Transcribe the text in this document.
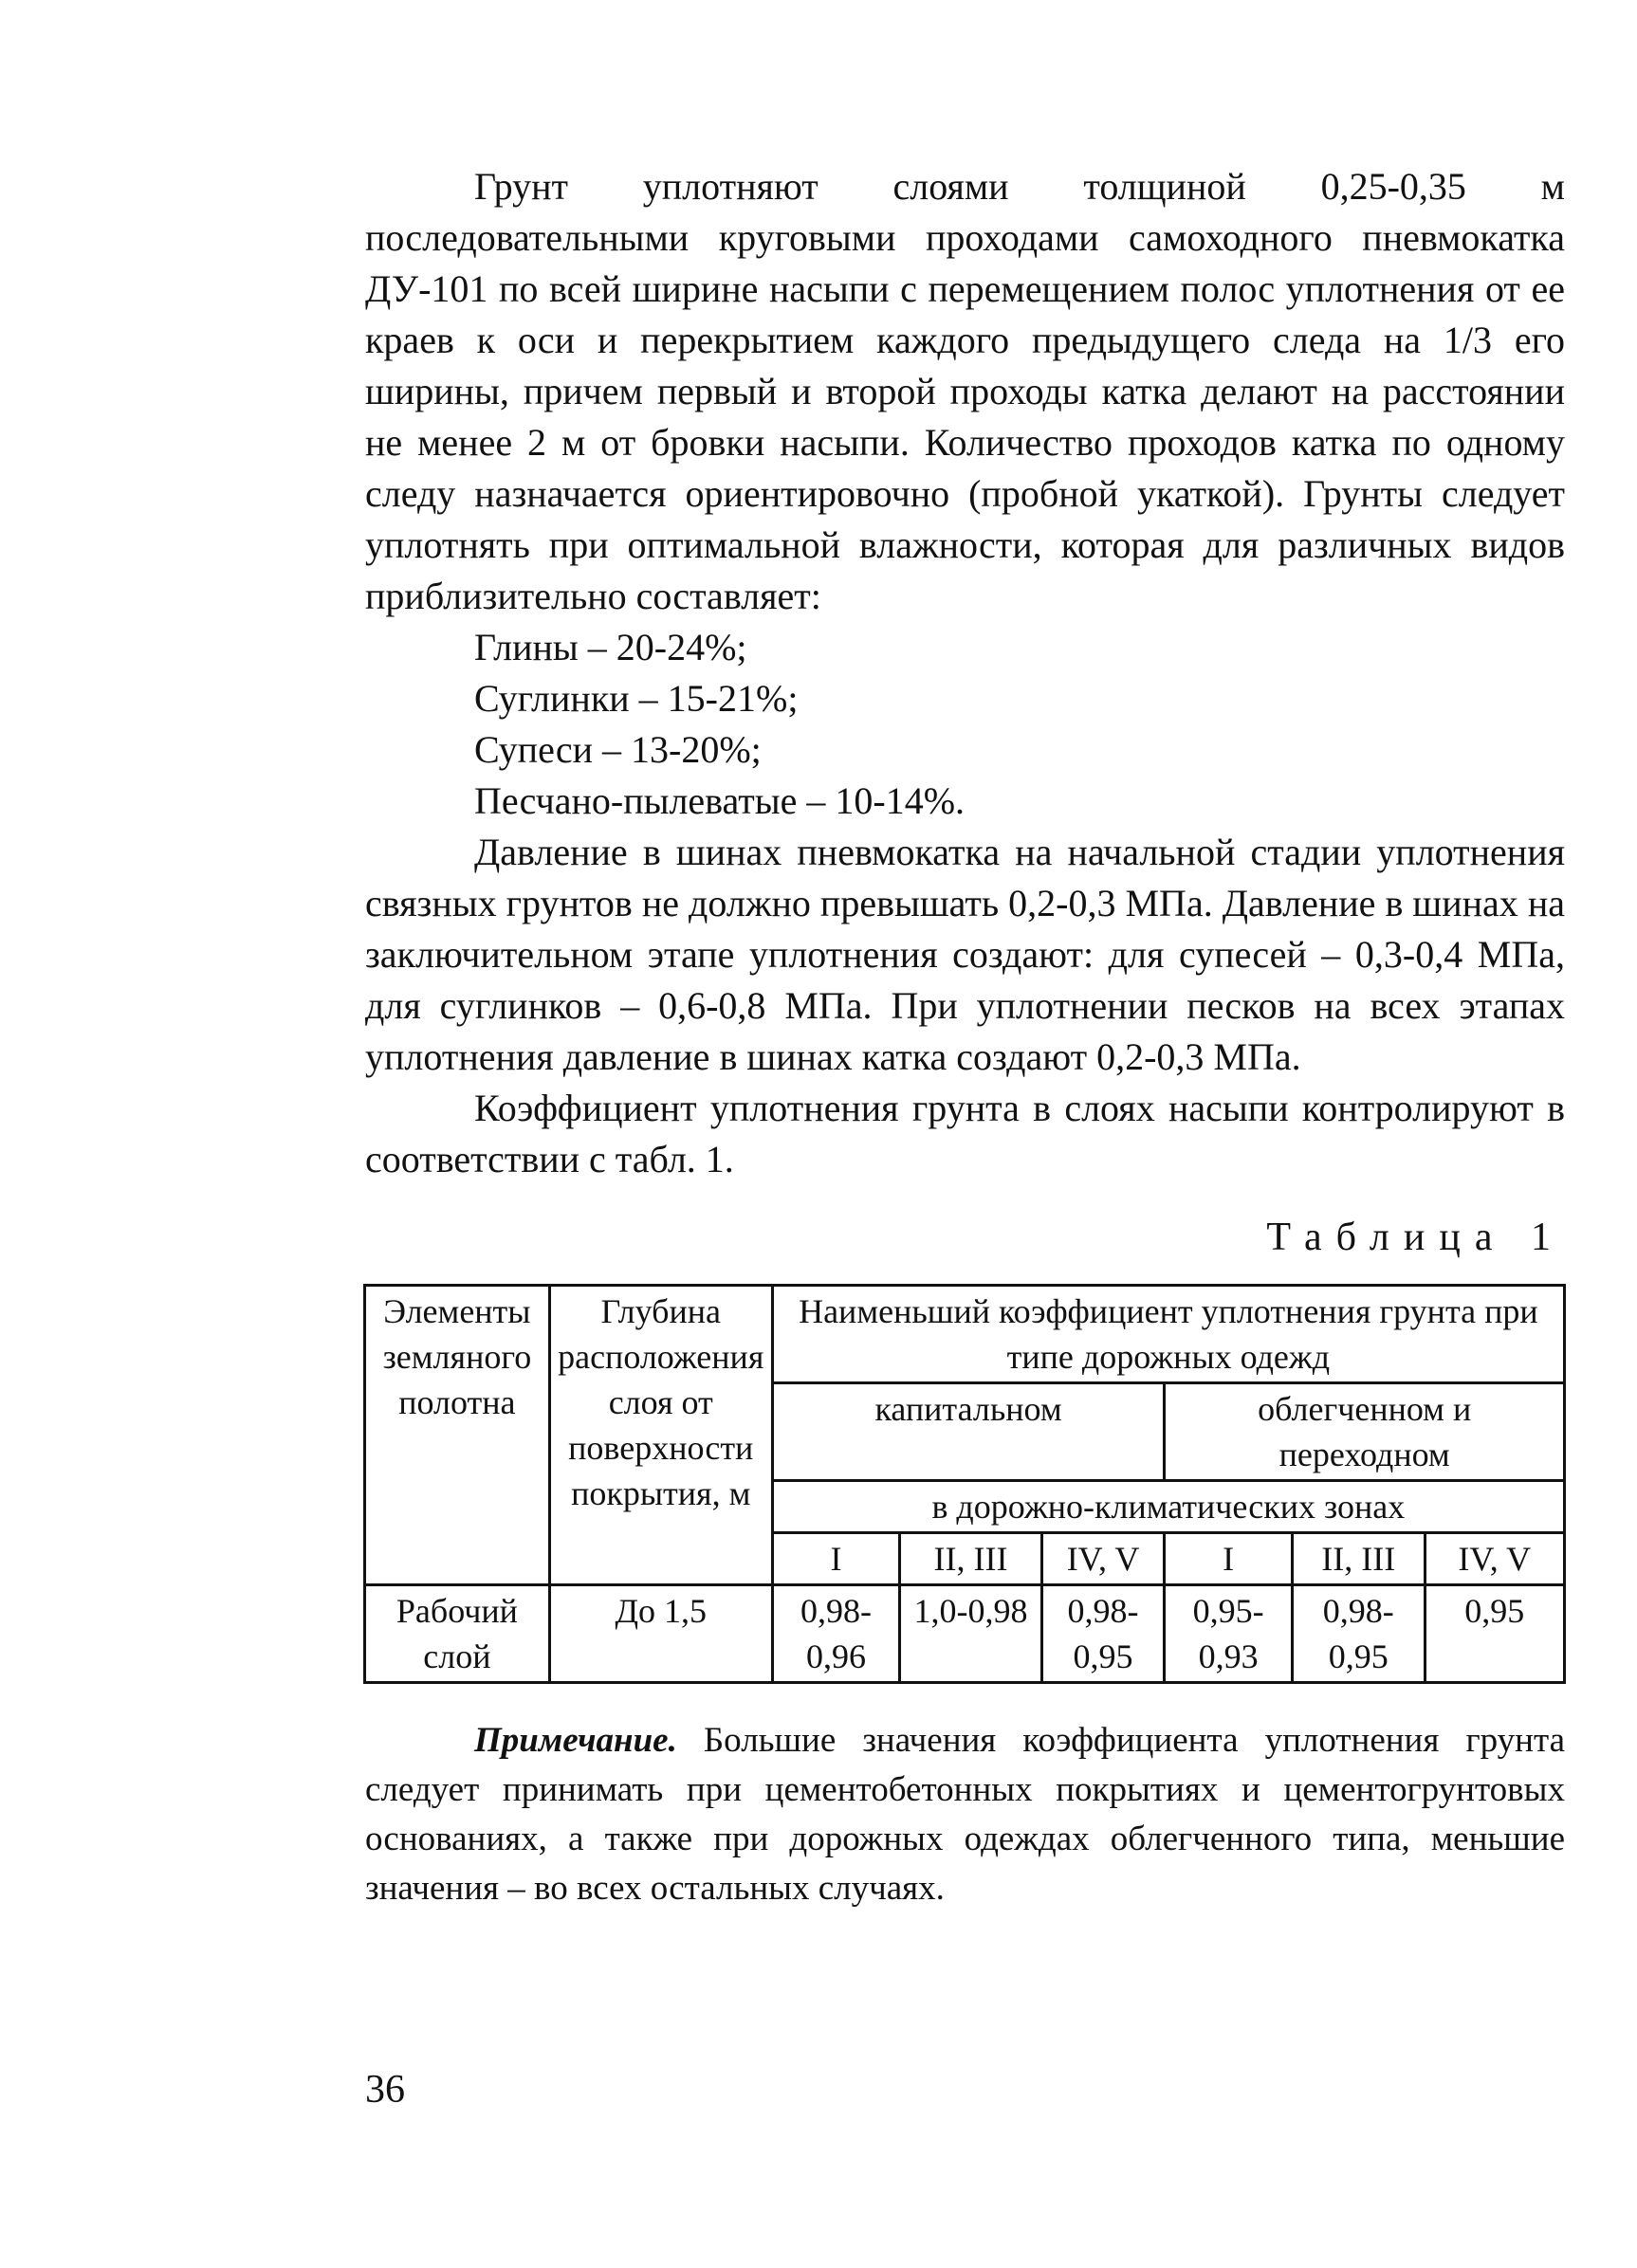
Грунт уплотняют слоями толщиной 0,25-0,35 м последовательными круговыми проходами самоходного пневмокатка ДУ-101 по всей ширине насыпи с перемещением полос уплотнения от ее краев к оси и перекрытием каждого предыдущего следа на 1/3 его ширины, причем первый и второй проходы катка делают на расстоянии не менее 2 м от бровки насыпи. Количество проходов катка по одному следу назначается ориентировочно (пробной укаткой). Грунты следует уплотнять при оптимальной влажности, которая для различных видов приблизительно составляет:

Глины – 20-24%;
Суглинки – 15-21%;
Супеси – 13-20%;
Песчано-пылеватые – 10-14%.

Давление в шинах пневмокатка на начальной стадии уплотнения связных грунтов не должно превышать 0,2-0,3 МПа. Давление в шинах на заключительном этапе уплотнения создают: для супесей – 0,3-0,4 МПа, для суглинков – 0,6-0,8 МПа. При уплотнении песков на всех этапах уплотнения давление в шинах катка создают 0,2-0,3 МПа.

Коэффициент уплотнения грунта в слоях насыпи контролируют в соответствии с табл. 1.

Таблица 1
Элементы земляного полотна	Глубина расположения слоя от поверхности покрытия, м	Наименьший коэффициент уплотнения грунта при типе дорожных одежд					
		капитальном			облегченном и переходном		
		в дорожно-климатических зонах					
		I	II, III	IV, V	I	II, III	IV, V
Рабочий слой	До 1,5	0,98-0,96	1,0-0,98	0,98-0,95	0,95-0,93	0,98-0,95	0,95

Примечание. Большие значения коэффициента уплотнения грунта следует принимать при цементобетонных покрытиях и цементогрунтовых основаниях, а также при дорожных одеждах облегченного типа, меньшие значения – во всех остальных случаях.

36
